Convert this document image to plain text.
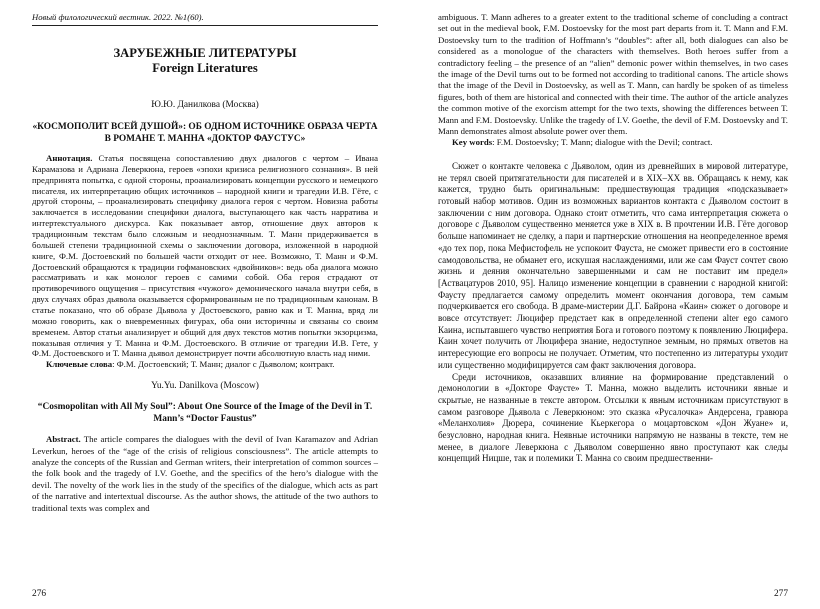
Новый филологический вестник. 2022. №1(60).
ЗАРУБЕЖНЫЕ ЛИТЕРАТУРЫ
Foreign Literatures
Ю.Ю. Данилкова (Москва)
«КОСМОПОЛИТ ВСЕЙ ДУШОЙ»: ОБ ОДНОМ ИСТОЧНИКЕ ОБРАЗА ЧЕРТА В РОМАНЕ Т. МАННА «ДОКТОР ФАУСТУС»

Аннотация. Статья посвящена сопоставлению двух диалогов с чертом – Ивана Карамазова и Адриана Леверкюна, героев «эпохи кризиса религиозного сознания». В ней предпринята попытка, с одной стороны, проанализировать концепции русского и немецкого писателя, их интерпретацию общих источников – народной книги и трагедии И.В. Гёте, с другой стороны, – проанализировать специфику диалога героя с чертом. Новизна работы заключается в исследовании специфики диалога, выступающего как часть нарратива и интертекстуального дискурса. Как показывает автор, отношение двух авторов к традиционным текстам было сложным и неоднозначным. Т. Манн придерживается в большей степени традиционной схемы о заключении договора, изложенной в народной книге, Ф.М. Достоевский по большей части отходит от нее. Возможно, Т. Манн и Ф.М. Достоевский обращаются к традиции гофмановских «двойников»: ведь оба диалога можно рассматривать и как монолог героев с самими собой. Оба героя страдают от противоречивого ощущения – присутствия «чужого» демонического начала внутри себя, в двух случаях образ дьявола оказывается сформированным не по традиционным канонам. В статье показано, что об образе Дьявола у Достоевского, равно как и Т. Манна, вряд ли можно говорить, как о вневременных фигурах, оба они историчны и связаны со своим временем. Автор статьи анализирует и общий для двух текстов мотив попытки экзорцизма, показывая отличия у Т. Манна и Ф.М. Достоевского. В отличие от трагедии И.В. Гете, у Ф.М. Достоевского и Т. Манна дьявол демонстрирует почти абсолютную власть над ними.

Ключевые слова: Ф.М. Достоевский; Т. Манн; диалог с Дьяволом; контракт.

Yu.Yu. Danilkova (Moscow)
“Cosmopolitan with All My Soul”: About One Source of the Image of the Devil in T. Mann’s “Doctor Faustus”

Abstract. The article compares the dialogues with the devil of Ivan Karamazov and Adrian Leverkun, heroes of the “age of the crisis of religious consciousness”. The article attempts to analyze the concepts of the Russian and German writers, their interpretation of common sources – the folk book and the tragedy of I.V. Goethe, and the specifics of the hero’s dialogue with the devil. The novelty of the work lies in the study of the specifics of the dialogue, which acts as part of the narrative and intertextual discourse. As the author shows, the attitude of the two authors to traditional texts was complex and

276

ambiguous. T. Mann adheres to a greater extent to the traditional scheme of concluding a contract set out in the medieval book, F.M. Dostoevsky for the most part departs from it. T. Mann and F.M. Dostoevsky turn to the tradition of Hoffmann’s “doubles”: after all, both dialogues can also be considered as a monologue of the characters with themselves. Both heroes suffer from a contradictory feeling – the presence of an “alien” demonic power within themselves, in two cases the image of the Devil turns out to be formed not according to traditional canons. The article shows that the image of the Devil in Dostoevsky, as well as T. Mann, can hardly be spoken of as timeless figures, both of them are historical and connected with their time. The author of the article analyzes the common motive of the exorcism attempt for the two texts, showing the differences between T. Mann and F.M. Dostoevsky. Unlike the tragedy of I.V. Goethe, the devil of F.M. Dostoevsky and T. Mann demonstrates almost absolute power over them.

Key words: F.M. Dostoevsky; T. Mann; dialogue with the Devil; contract.

Сюжет о контакте человека с Дьяволом, один из древнейших в мировой литературе, не терял своей притягательности для писателей и в XIX–XX вв. Обращаясь к нему, как кажется, трудно быть оригинальным: предшествующая традиция «подсказывает» готовый набор мотивов. Один из возможных вариантов контакта с Дьяволом состоит в заключении с ним договора. Однако стоит отметить, что сама интерпретация сюжета о договоре с Дьяволом существенно меняется уже в XIX в. В прочтении И.В. Гёте договор больше напоминает не сделку, а пари и партнерские отношения на неопределенное время «до тех пор, пока Мефистофель не успокоит Фауста, не сможет привести его в состояние самодовольства, не обманет его, искушая наслаждениями, или же сам Фауст сочтет свою жизнь и деяния окончательно завершенными и сам не поставит им предел» [Аствацатуров 2010, 95]. Налицо изменение концепции в сравнении с народной книгой: Фаусту предлагается самому определить момент окончания договора, тем самым подчеркивается его свобода. В драме-мистерии Д.Г. Байрона «Каин» сюжет о договоре и вовсе отсутствует: Люцифер предстает как в определенной степени alter ego самого Каина, испытавшего чувство неприятия Бога и готового поэтому к появлению Люцифера. Каин хочет получить от Люцифера знание, недоступное земным, но прямых ответов на интересующие его вопросы не получает. Отметим, что постепенно из литературы уходит или существенно модифицируется сам факт заключения договора.

Среди источников, оказавших влияние на формирование представлений о демонологии в «Докторе Фаусте» Т. Манна, можно выделить источники явные и скрытые, не названные в тексте автором. Отсылки к явным источникам присутствуют в самом разговоре Дьявола с Леверкюном: это сказка «Русалочка» Андерсена, гравюра «Меланхолия» Дюрера, сочинение Кьеркегора о моцартовском «Дон Жуане» и, безусловно, народная книга. Неявные источники напрямую не названы в тексте, тем не менее, в диалоге Леверкюна с Дьяволом совершенно явно проступают как следы концепций Ницше, так и полемики Т. Манна со своим предшественни-

277
